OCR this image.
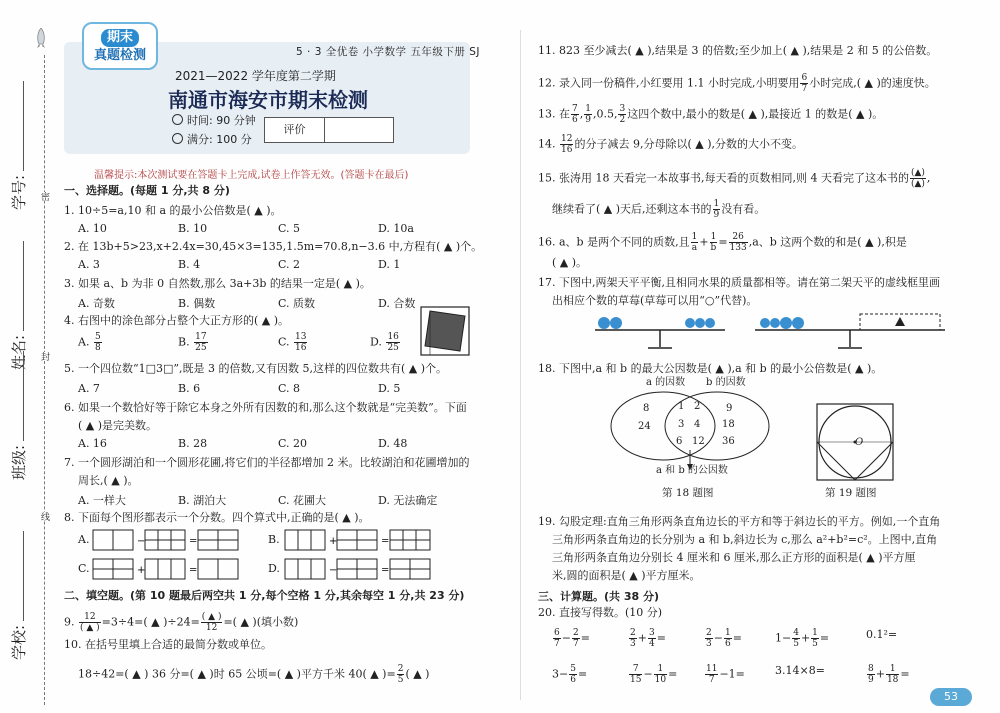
学号:
姓名:
班级:
学校:
密
封
线
期末
真题检测	5 · 3 全优卷 小学数学 五年级下册 SJ
2021—2022 学年度第二学期
南通市海安市期末检测
时间: 90 分钟
满分: 100 分
评价
温馨提示:本次测试要在答题卡上完成,试卷上作答无效。(答题卡在最后)
一、选择题。(每题 1 分,共 8 分)
1. 10÷5=a,10 和 a 的最小公倍数是( ▲ )。
A. 10	B. 10	C. 5	D. 10a
2. 在 13b+5>23,x+2.4x=30,45×3=135,1.5m=70.8,n−3.6 中,方程有( ▲ )个。
A. 3	B. 4	C. 2	D. 1
3. 如果 a、b 为非 0 自然数,那么 3a+3b 的结果一定是( ▲ )。
A. 奇数	B. 偶数	C. 质数	D. 合数
4. 右图中的涂色部分占整个大正方形的( ▲ )。
A. $\frac{5}{8}$	B. $\frac{17}{25}$	C. $\frac{13}{16}$	D. $\frac{16}{25}$
5. 一个四位数“1□3□”,既是 3 的倍数,又有因数 5,这样的四位数共有( ▲ )个。
A. 7	B. 6	C. 8	D. 5
6. 如果一个数恰好等于除它本身之外所有因数的和,那么这个数就是“完美数”。下面
( ▲ )是完美数。
A. 16	B. 28	C. 20	D. 48
7. 一个圆形湖泊和一个圆形花圃,将它们的半径都增加 2 米。比较湖泊和花圃增加的
周长,( ▲ )。
A. 一样大	B. 湖泊大	C. 花圃大	D. 无法确定
8. 下面每个图形都表示一个分数。四个算式中,正确的是( ▲ )。
A.	−	=	B.	+	=
C.	+	=	D.	−	=
二、填空题。(第 10 题最后两空共 1 分,每个空格 1 分,其余每空 1 分,共 23 分)
9. $\frac{12}{( ▲ )} =3\div 4=$( ▲ )$\div 24= \frac{( ▲ )}{12}$ =( ▲ )(填小数)
10. 在括号里填上合适的最简分数或单位。
18÷42=( ▲ ) 36 分=( ▲ )时 65 公顷=( ▲ )平方千米 40( ▲ )= $\frac{2}{5}$ ( ▲ )
11. 823 至少减去( ▲ ),结果是 3 的倍数;至少加上( ▲ ),结果是 2 和 5 的公倍数。
12. 录入同一份稿件,小红要用 1.1 小时完成,小明要用 $\frac{6}{7}$ 小时完成,( ▲ )的速度快。
13. 在 $\frac{7}{6}$ , $\frac{1}{9} ,0.5$, $\frac{3}{2}$ 这四个数中,最小的数是( ▲ ),最接近 1 的数是( ▲ )。
14. $\frac{12}{16}$ 的分子减去 9,分母除以( ▲ ),分数的大小不变。
15. 张涛用 18 天看完一本故事书,每天看的页数相同,则 4 天看完了这本书的 $\frac{(▲)}{(▲)}$ ,
继续看了( ▲ )天后,还剩这本书的 $\frac{1}{9}$ 没有看。
16. a、b 是两个不同的质数,且 $\frac{1}{a} + \frac{1}{b} = \frac{26}{133} ,a$、b 这两个数的和是( ▲ ),积是
( ▲ )。
17. 下图中,两架天平平衡,且相同水果的质量都相等。请在第二架天平的虚线框里画
出相应个数的草莓(草莓可以用“○”代替)。
18. 下图中,a 和 b 的最大公因数是( ▲ ),a 和 b 的最小公倍数是( ▲ )。
a 的因数 b 的因数
8
24
1 2
3 4
6 12
9
18
36
a 和 b 的公因数
第 18 题图
O
第 19 题图
19. 勾股定理:直角三角形两条直角边长的平方和等于斜边长的平方。例如,一个直角
三角形两条直角边的长分别为 a 和 b,斜边长为 c,那么 a²+b²=c²。上图中,直角
三角形两条直角边分别长 4 厘米和 6 厘米,那么正方形的面积是( ▲ )平方厘
米,圆的面积是( ▲ )平方厘米。
三、计算题。(共 38 分)
20. 直接写得数。(10 分)
$\frac{6}{7} - \frac{2}{7}$ =	$\frac{2}{3} + \frac{3}{4}$ =	$\frac{2}{3} - \frac{1}{6}$ =	$1- \frac{4}{5} + \frac{1}{5}$ =	0.1²=
$3- \frac{5}{6}$ =	$\frac{7}{15} - \frac{1}{10}$ =	$\frac{11}{7} -1=$	3.14×8=	$\frac{8}{9} + \frac{1}{18}$ =
53
